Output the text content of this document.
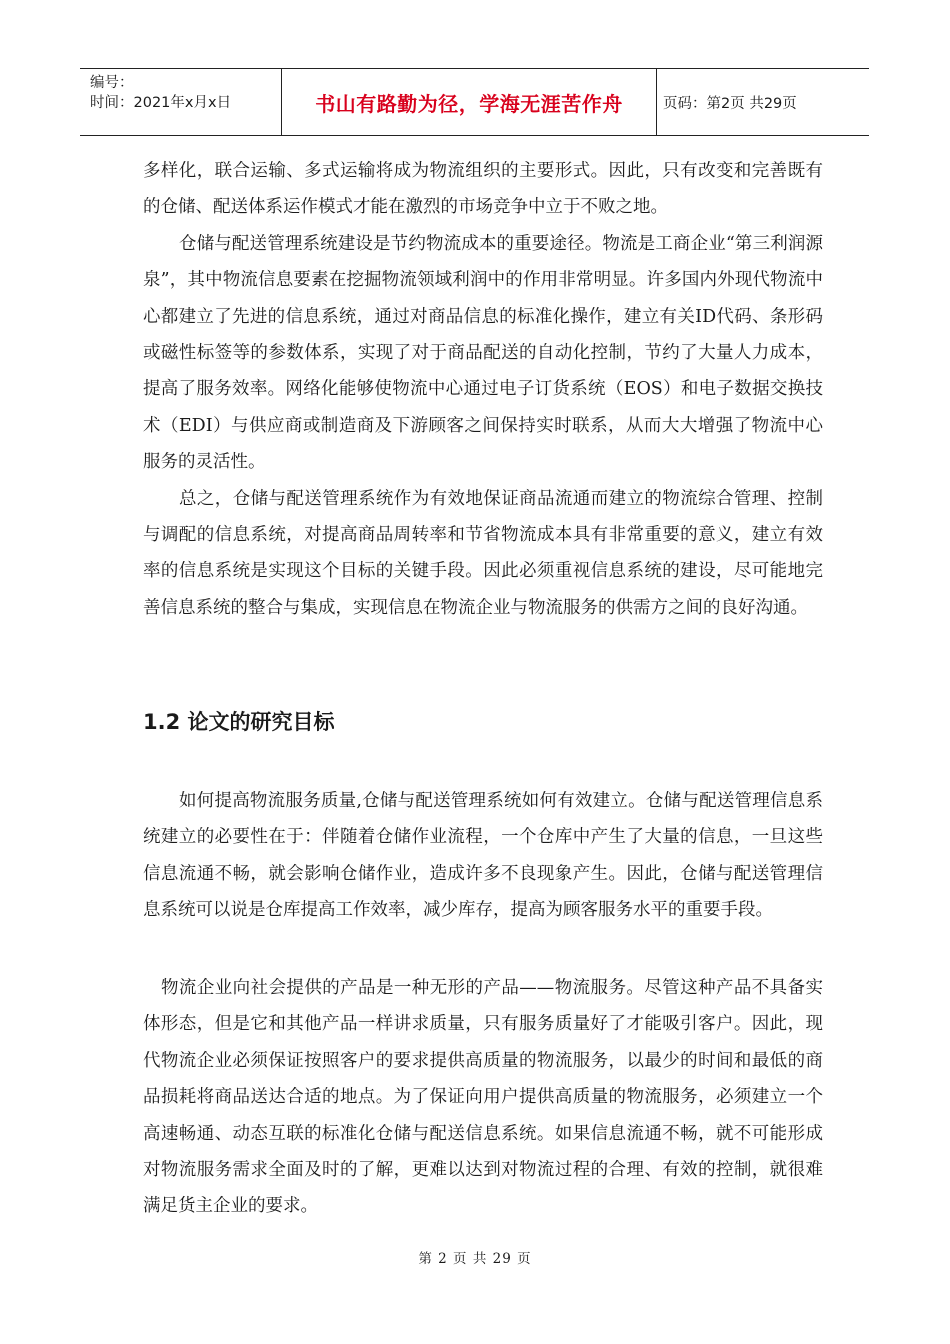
编号：
时间：2021年x月x日	书山有路勤为径，学海无涯苦作舟	页码：第2页 共29页

多样化，联合运输、多式运输将成为物流组织的主要形式。因此，只有改变和完善既有的仓储、配送体系运作模式才能在激烈的市场竞争中立于不败之地。

仓储与配送管理系统建设是节约物流成本的重要途径。物流是工商企业“第三利润源泉”，其中物流信息要素在挖掘物流领域利润中的作用非常明显。许多国内外现代物流中心都建立了先进的信息系统，通过对商品信息的标准化操作，建立有关ID代码、条形码或磁性标签等的参数体系，实现了对于商品配送的自动化控制，节约了大量人力成本，提高了服务效率。网络化能够使物流中心通过电子订货系统（EOS）和电子数据交换技术（EDI）与供应商或制造商及下游顾客之间保持实时联系，从而大大增强了物流中心服务的灵活性。

总之，仓储与配送管理系统作为有效地保证商品流通而建立的物流综合管理、控制与调配的信息系统，对提高商品周转率和节省物流成本具有非常重要的意义，建立有效率的信息系统是实现这个目标的关键手段。因此必须重视信息系统的建设，尽可能地完善信息系统的整合与集成，实现信息在物流企业与物流服务的供需方之间的良好沟通。

1.2 论文的研究目标

如何提高物流服务质量,仓储与配送管理系统如何有效建立。仓储与配送管理信息系统建立的必要性在于：伴随着仓储作业流程，一个仓库中产生了大量的信息，一旦这些信息流通不畅，就会影响仓储作业，造成许多不良现象产生。因此，仓储与配送管理信息系统可以说是仓库提高工作效率，减少库存，提高为顾客服务水平的重要手段。

物流企业向社会提供的产品是一种无形的产品——物流服务。尽管这种产品不具备实体形态，但是它和其他产品一样讲求质量，只有服务质量好了才能吸引客户。因此，现代物流企业必须保证按照客户的要求提供高质量的物流服务，以最少的时间和最低的商品损耗将商品送达合适的地点。为了保证向用户提供高质量的物流服务，必须建立一个高速畅通、动态互联的标准化仓储与配送信息系统。如果信息流通不畅，就不可能形成对物流服务需求全面及时的了解，更难以达到对物流过程的合理、有效的控制，就很难满足货主企业的要求。

第 2 页 共 29 页
